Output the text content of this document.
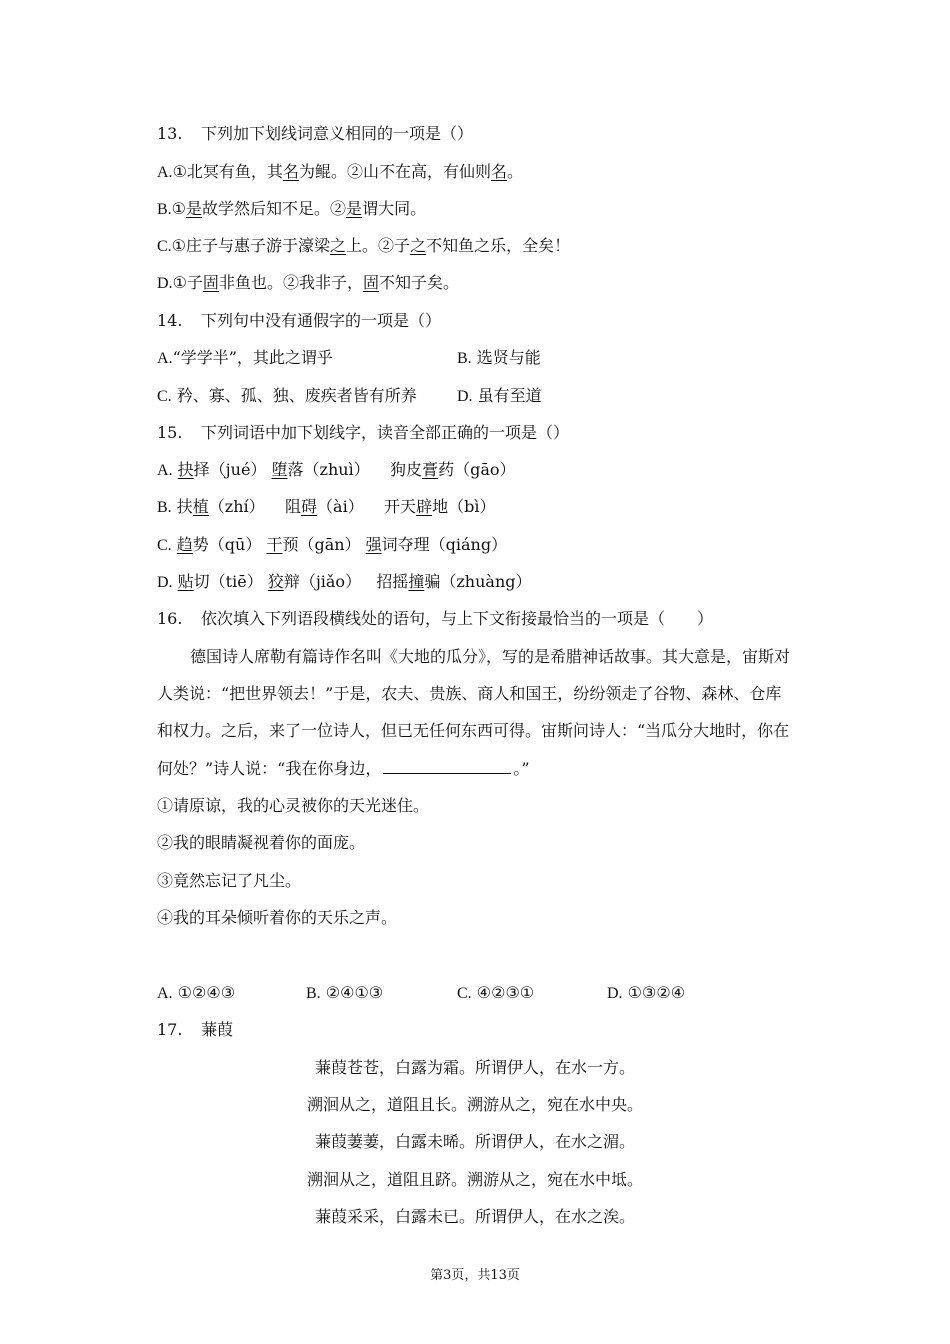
13. 下列加下划线词意义相同的一项是（）
A.①北冥有鱼，其名为鲲。②山不在高，有仙则名。
B.①是故学然后知不足。②是谓大同。
C.①庄子与惠子游于濠梁之上。②子之不知鱼之乐，全矣！
D.①子固非鱼也。②我非子，固不知子矣。
14. 下列句中没有通假字的一项是（）
A.“学学半”，其此之谓乎	B. 选贤与能
C. 矜、寡、孤、独、废疾者皆有所养	D. 虽有至道
15. 下列词语中加下划线字，读音全部正确的一项是（）
A. 抉择（jué） 堕落（zhuì） 狗皮膏药（gāo）
B. 扶植（zhí） 阻碍（ài） 开天辟地（bì）
C. 趋势（qū） 干预（gān） 强词夺理（qiáng）
D. 贴切（tiē） 狡辩（jiǎo） 招摇撞骗（zhuàng）
16. 依次填入下列语段横线处的语句，与上下文衔接最恰当的一项是（　　）
德国诗人席勒有篇诗作名叫《大地的瓜分》，写的是希腊神话故事。其大意是，宙斯对
人类说：“把世界领去！”于是，农夫、贵族、商人和国王，纷纷领走了谷物、森林、仓库
和权力。之后，来了一位诗人，但已无任何东西可得。宙斯问诗人：“当瓜分大地时，你在
何处？”诗人说：“我在你身边，	。”
①请原谅，我的心灵被你的天光迷住。
②我的眼睛凝视着你的面庞。
③竟然忘记了凡尘。
④我的耳朵倾听着你的天乐之声。
A. ①②④③	B. ②④①③	C. ④②③①	D. ①③②④
17. 蒹葭
蒹葭苍苍，白露为霜。所谓伊人，在水一方。
溯洄从之，道阻且长。溯游从之，宛在水中央。
蒹葭萋萋，白露未晞。所谓伊人，在水之湄。
溯洄从之，道阻且跻。溯游从之，宛在水中坻。
蒹葭采采，白露未已。所谓伊人，在水之涘。
第3页，共13页
